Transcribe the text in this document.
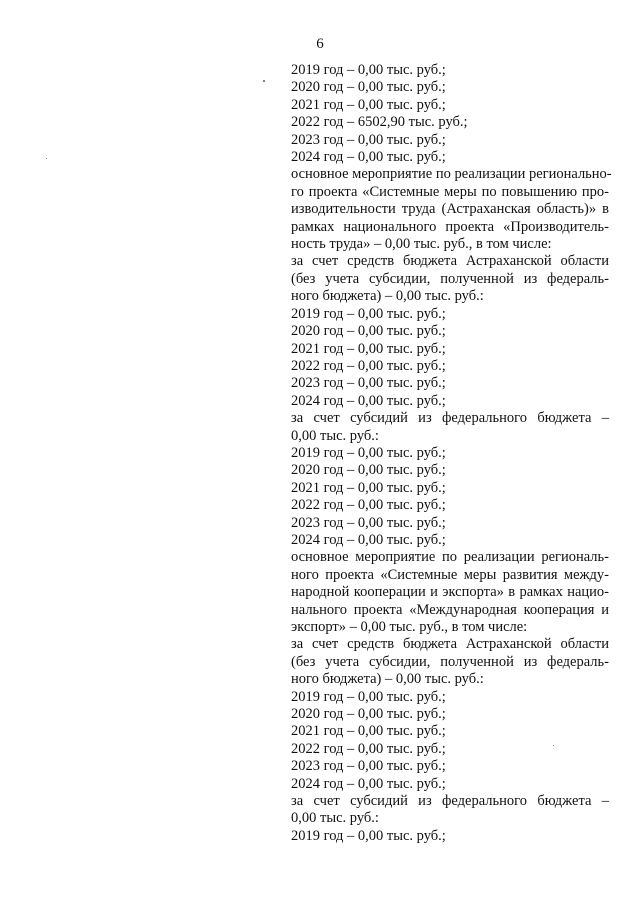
6
2019 год – 0,00 тыс. руб.;
2020 год – 0,00 тыс. руб.;
2021 год – 0,00 тыс. руб.;
2022 год – 6502,90 тыс. руб.;
2023 год – 0,00 тыс. руб.;
2024 год – 0,00 тыс. руб.;
основное мероприятие по реализации регионально-
го проекта «Системные меры по повышению про-
изводительности труда (Астраханская область)» в
рамках национального проекта «Производитель-
ность труда» – 0,00 тыс. руб., в том числе:
за счет средств бюджета Астраханской области
(без учета субсидии, полученной из федераль-
ного бюджета) – 0,00 тыс. руб.:
2019 год – 0,00 тыс. руб.;
2020 год – 0,00 тыс. руб.;
2021 год – 0,00 тыс. руб.;
2022 год – 0,00 тыс. руб.;
2023 год – 0,00 тыс. руб.;
2024 год – 0,00 тыс. руб.;
за счет субсидий из федерального бюджета –
0,00 тыс. руб.:
2019 год – 0,00 тыс. руб.;
2020 год – 0,00 тыс. руб.;
2021 год – 0,00 тыс. руб.;
2022 год – 0,00 тыс. руб.;
2023 год – 0,00 тыс. руб.;
2024 год – 0,00 тыс. руб.;
основное мероприятие по реализации региональ-
ного проекта «Системные меры развития между-
народной кооперации и экспорта» в рамках нацио-
нального проекта «Международная кооперация и
экспорт» – 0,00 тыс. руб., в том числе:
за счет средств бюджета Астраханской области
(без учета субсидии, полученной из федераль-
ного бюджета) – 0,00 тыс. руб.:
2019 год – 0,00 тыс. руб.;
2020 год – 0,00 тыс. руб.;
2021 год – 0,00 тыс. руб.;
2022 год – 0,00 тыс. руб.;
2023 год – 0,00 тыс. руб.;
2024 год – 0,00 тыс. руб.;
за счет субсидий из федерального бюджета –
0,00 тыс. руб.:
2019 год – 0,00 тыс. руб.;
